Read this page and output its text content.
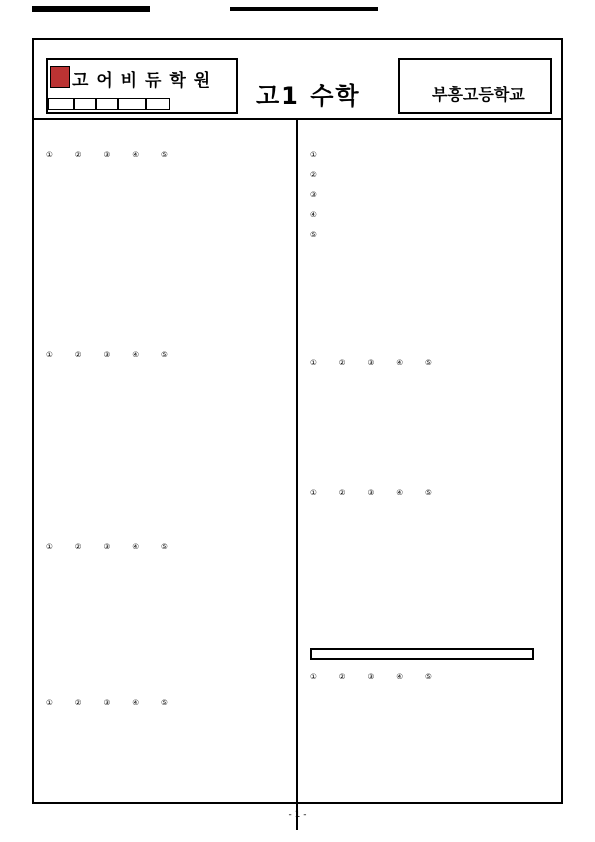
고 어 비 듀 학 원
고1 수학	부흥고등학교
①	②	③	④	⑤
①	②	③	④	⑤
①	②	③	④	⑤
①	②	③	④	⑤
①
②
③
④
⑤
①	②	③	④	⑤
①	②	③	④	⑤
①	②	③	④	⑤
- 1 -
